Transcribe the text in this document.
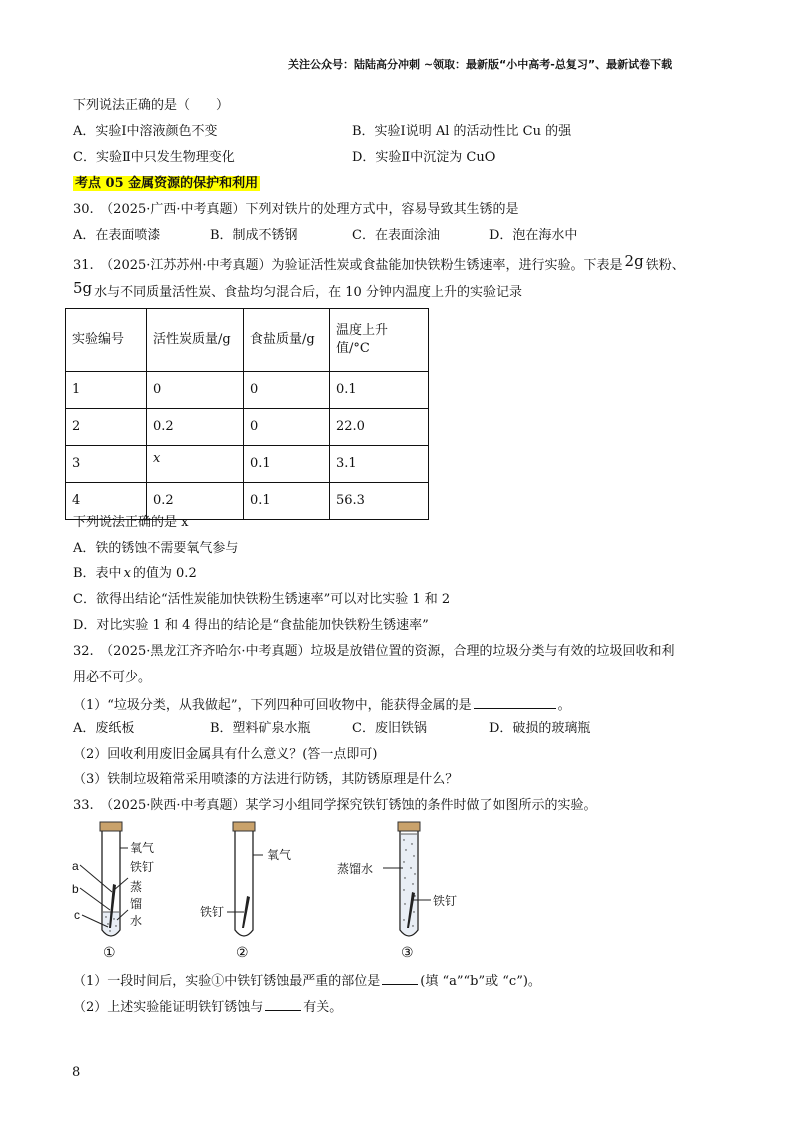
关注公众号：陆陆高分冲刺 ~领取：最新版“小中高考-总复习”、最新试卷下载
下列说法正确的是（　　）
A．实验Ⅰ中溶液颜色不变	B．实验Ⅰ说明 Al 的活动性比 Cu 的强
C．实验Ⅱ中只发生物理变化	D．实验Ⅱ中沉淀为 CuO
考点 05 金属资源的保护和利用
30.　（2025·广西·中考真题）下列对铁片的处理方式中，容易导致其生锈的是
A．在表面喷漆	B．制成不锈钢	C．在表面涂油	D．泡在海水中
31.　（2025·江苏苏州·中考真题）为验证活性炭或食盐能加快铁粉生锈速率，进行实验。下表是 2g 铁粉、
5g 水与不同质量活性炭、食盐均匀混合后，在 10 分钟内温度上升的实验记录
实验编号	活性炭质量/g	食盐质量/g	温度上升
值/°C
1	0	0	0.1
2	0.2	0	22.0
3	x	0.1	3.1
4	0.2	0.1	56.3
下列说法正确的是 x
A．铁的锈蚀不需要氧气参与
B．表中 x 的值为 0.2
C．欲得出结论“活性炭能加快铁粉生锈速率”可以对比实验 1 和 2
D．对比实验 1 和 4 得出的结论是“食盐能加快铁粉生锈速率”
32.　（2025·黑龙江齐齐哈尔·中考真题）垃圾是放错位置的资源，合理的垃圾分类与有效的垃圾回收和利
用必不可少。
（1）“垃圾分类，从我做起”，下列四种可回收物中，能获得金属的是	。
A．废纸板	B．塑料矿泉水瓶	C．废旧铁锅	D．破损的玻璃瓶
（2）回收利用废旧金属具有什么意义？(答一点即可)
（3）铁制垃圾箱常采用喷漆的方法进行防锈，其防锈原理是什么？
33.　（2025·陕西·中考真题）某学习小组同学探究铁钉锈蚀的条件时做了如图所示的实验。
氧气
铁钉
蒸
馏
水
a
b
c
①
氧气
铁钉
②
蒸馏水
铁钉
③
（1）一段时间后，实验①中铁钉锈蚀最严重的部位是	(填 “a”“b”或 “c”)。
（2）上述实验能证明铁钉锈蚀与	有关。
8
